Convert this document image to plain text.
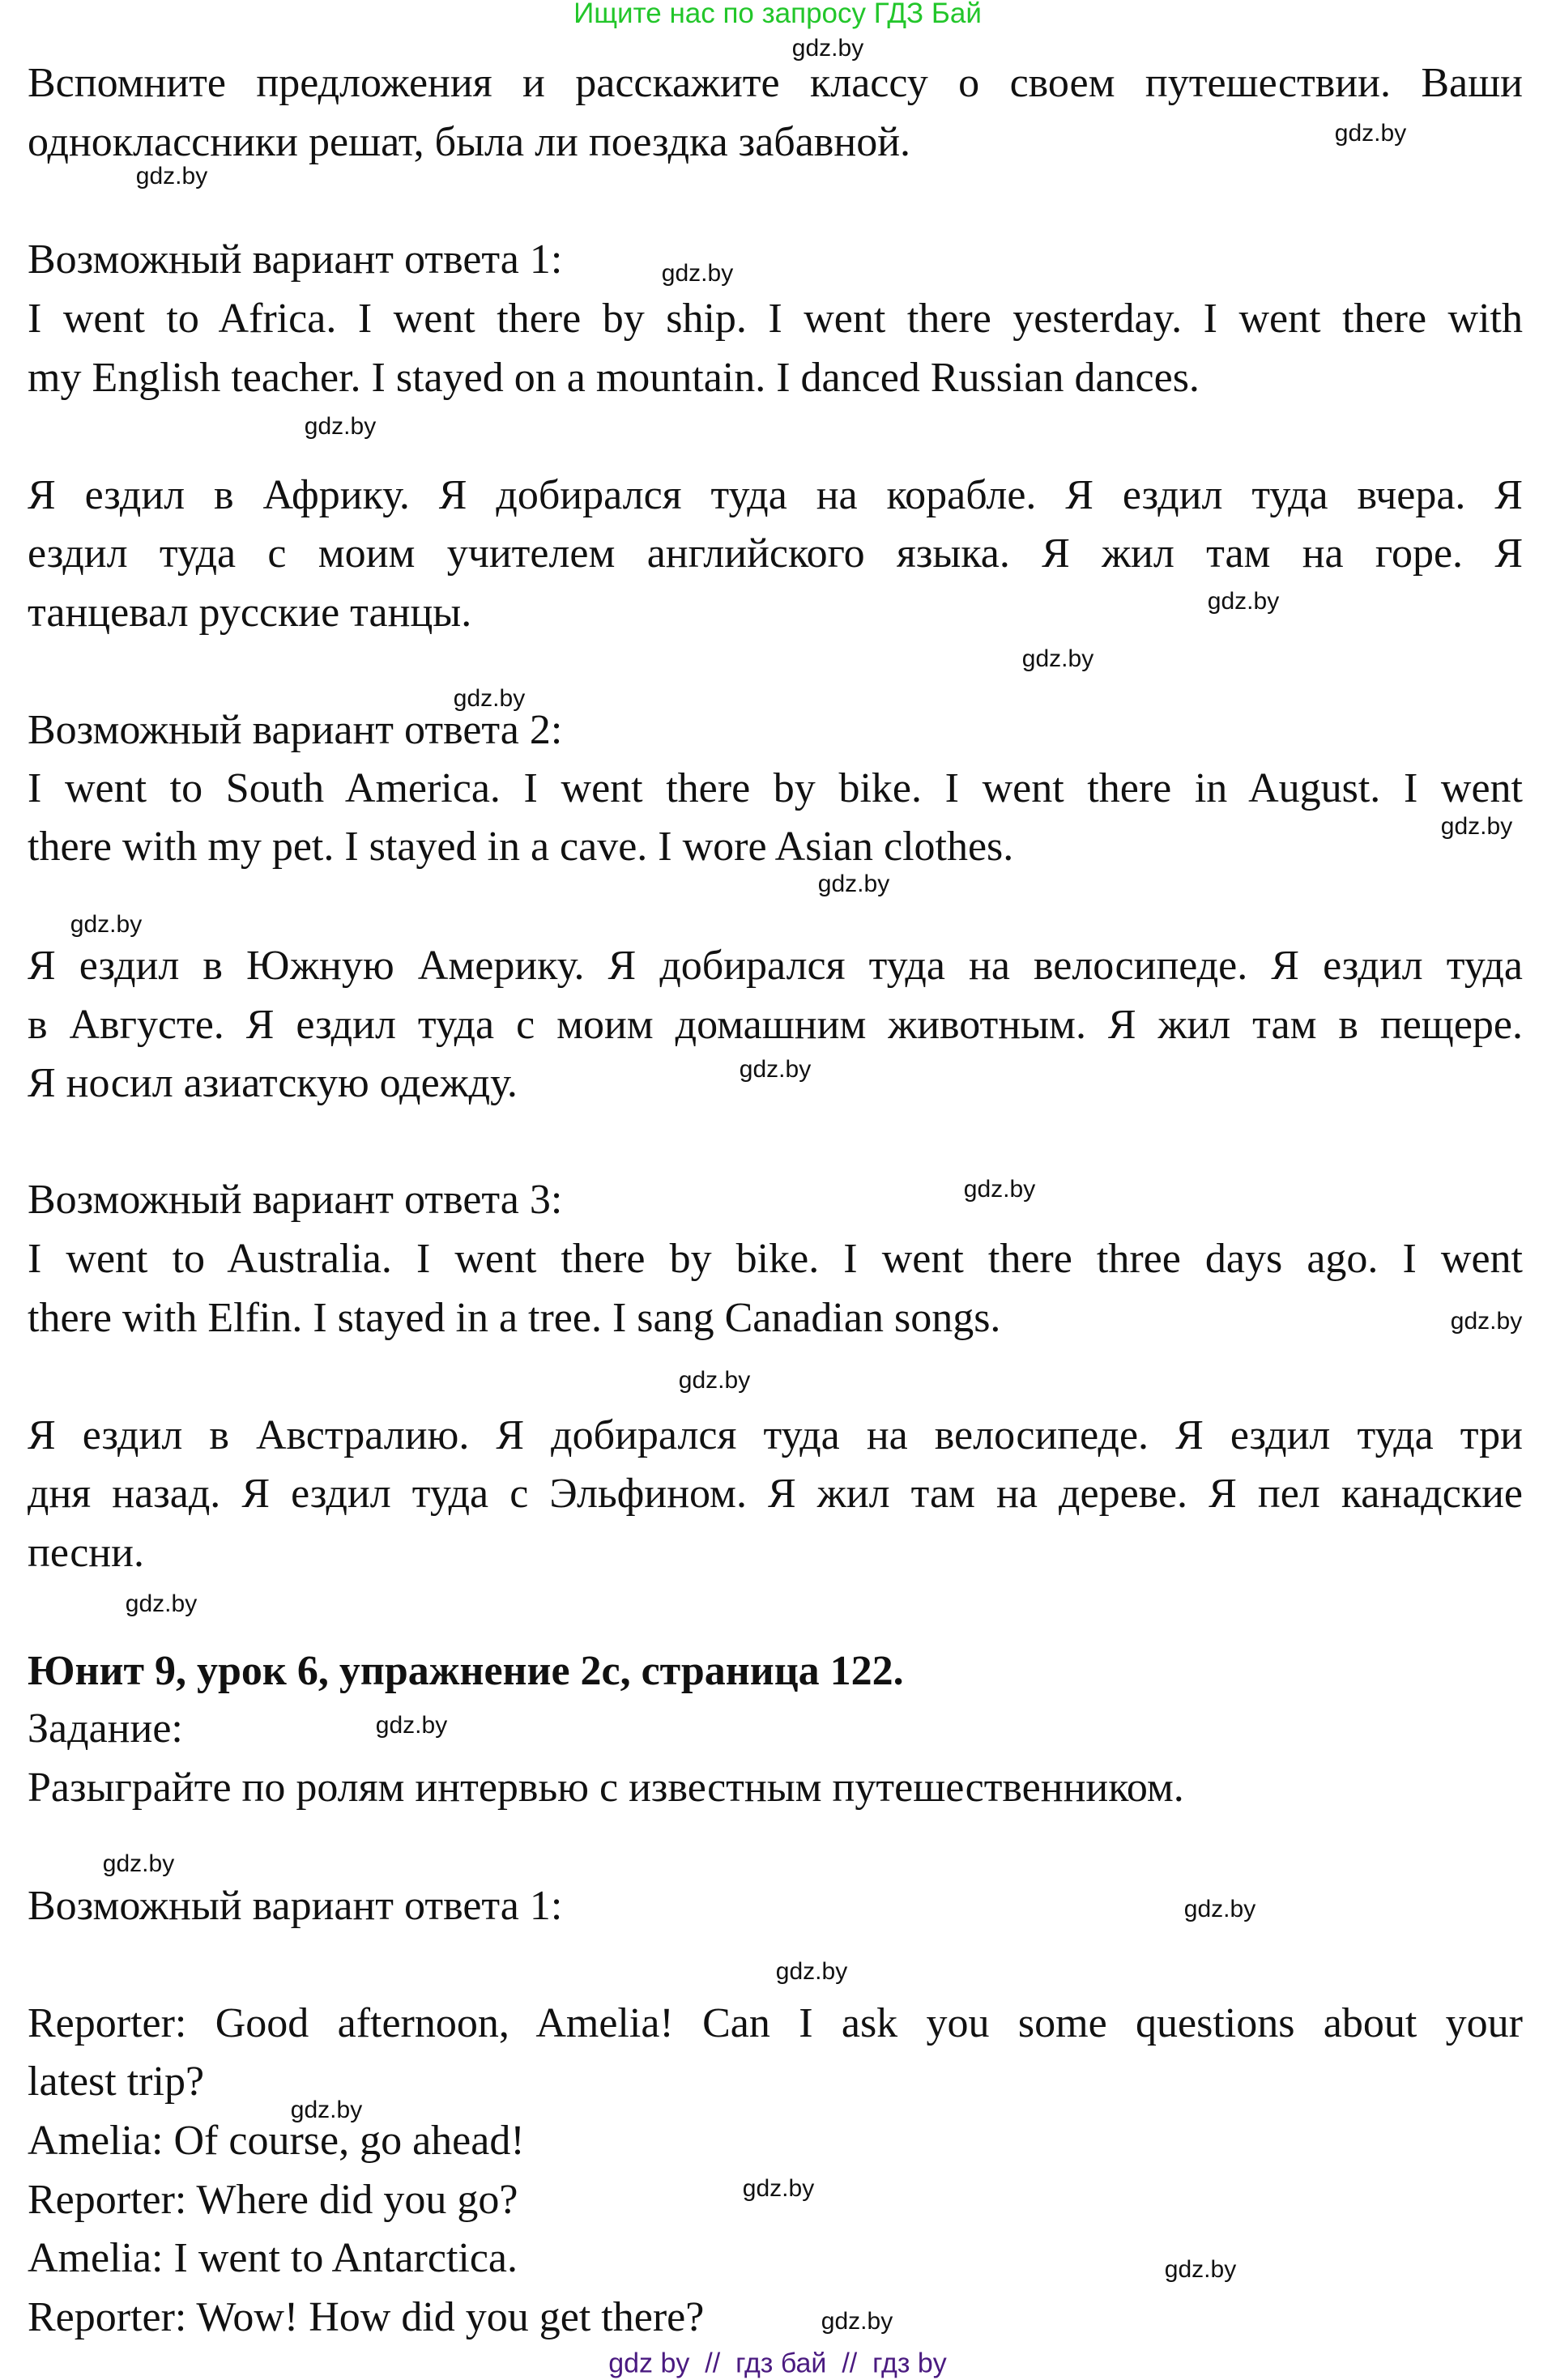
Ищите нас по запросу ГДЗ Бай
Вспомните предложения и расскажите классу о своем путешествии. Ваши
одноклассники решат, была ли поездка забавной.
Возможный вариант ответа 1:
I went to Africa. I went there by ship. I went there yesterday. I went there with
my English teacher. I stayed on a mountain. I danced Russian dances.
Я ездил в Африку. Я добирался туда на корабле. Я ездил туда вчера. Я
ездил туда с моим учителем английского языка. Я жил там на горе. Я
танцевал русские танцы.
Возможный вариант ответа 2:
I went to South America. I went there by bike. I went there in August. I went
there with my pet. I stayed in a cave. I wore Asian clothes.
Я ездил в Южную Америку. Я добирался туда на велосипеде. Я ездил туда
в Августе. Я ездил туда с моим домашним животным. Я жил там в пещере.
Я носил азиатскую одежду.
Возможный вариант ответа 3:
I went to Australia. I went there by bike. I went there three days ago. I went
there with Elfin. I stayed in a tree. I sang Canadian songs.
Я ездил в Австралию. Я добирался туда на велосипеде. Я ездил туда три
дня назад. Я ездил туда с Эльфином. Я жил там на дереве. Я пел канадские
песни.
Юнит 9, урок 6, упражнение 2с, страница 122.
Задание:
Разыграйте по ролям интервью с известным путешественником.
Возможный вариант ответа 1:
Reporter: Good afternoon, Amelia! Can I ask you some questions about your
latest trip?
Amelia: Of course, go ahead!
Reporter: Where did you go?
Amelia: I went to Antarctica.
Reporter: Wow! How did you get there?
gdz.by
gdz.by
gdz.by
gdz.by
gdz.by
gdz.by
gdz.by
gdz.by
gdz.by
gdz.by
gdz.by
gdz.by
gdz.by
gdz.by
gdz.by
gdz.by
gdz.by
gdz.by
gdz.by
gdz.by
gdz.by
gdz.by
gdz.by
gdz.by
gdz by  //  гдз бай  //  гдз by
